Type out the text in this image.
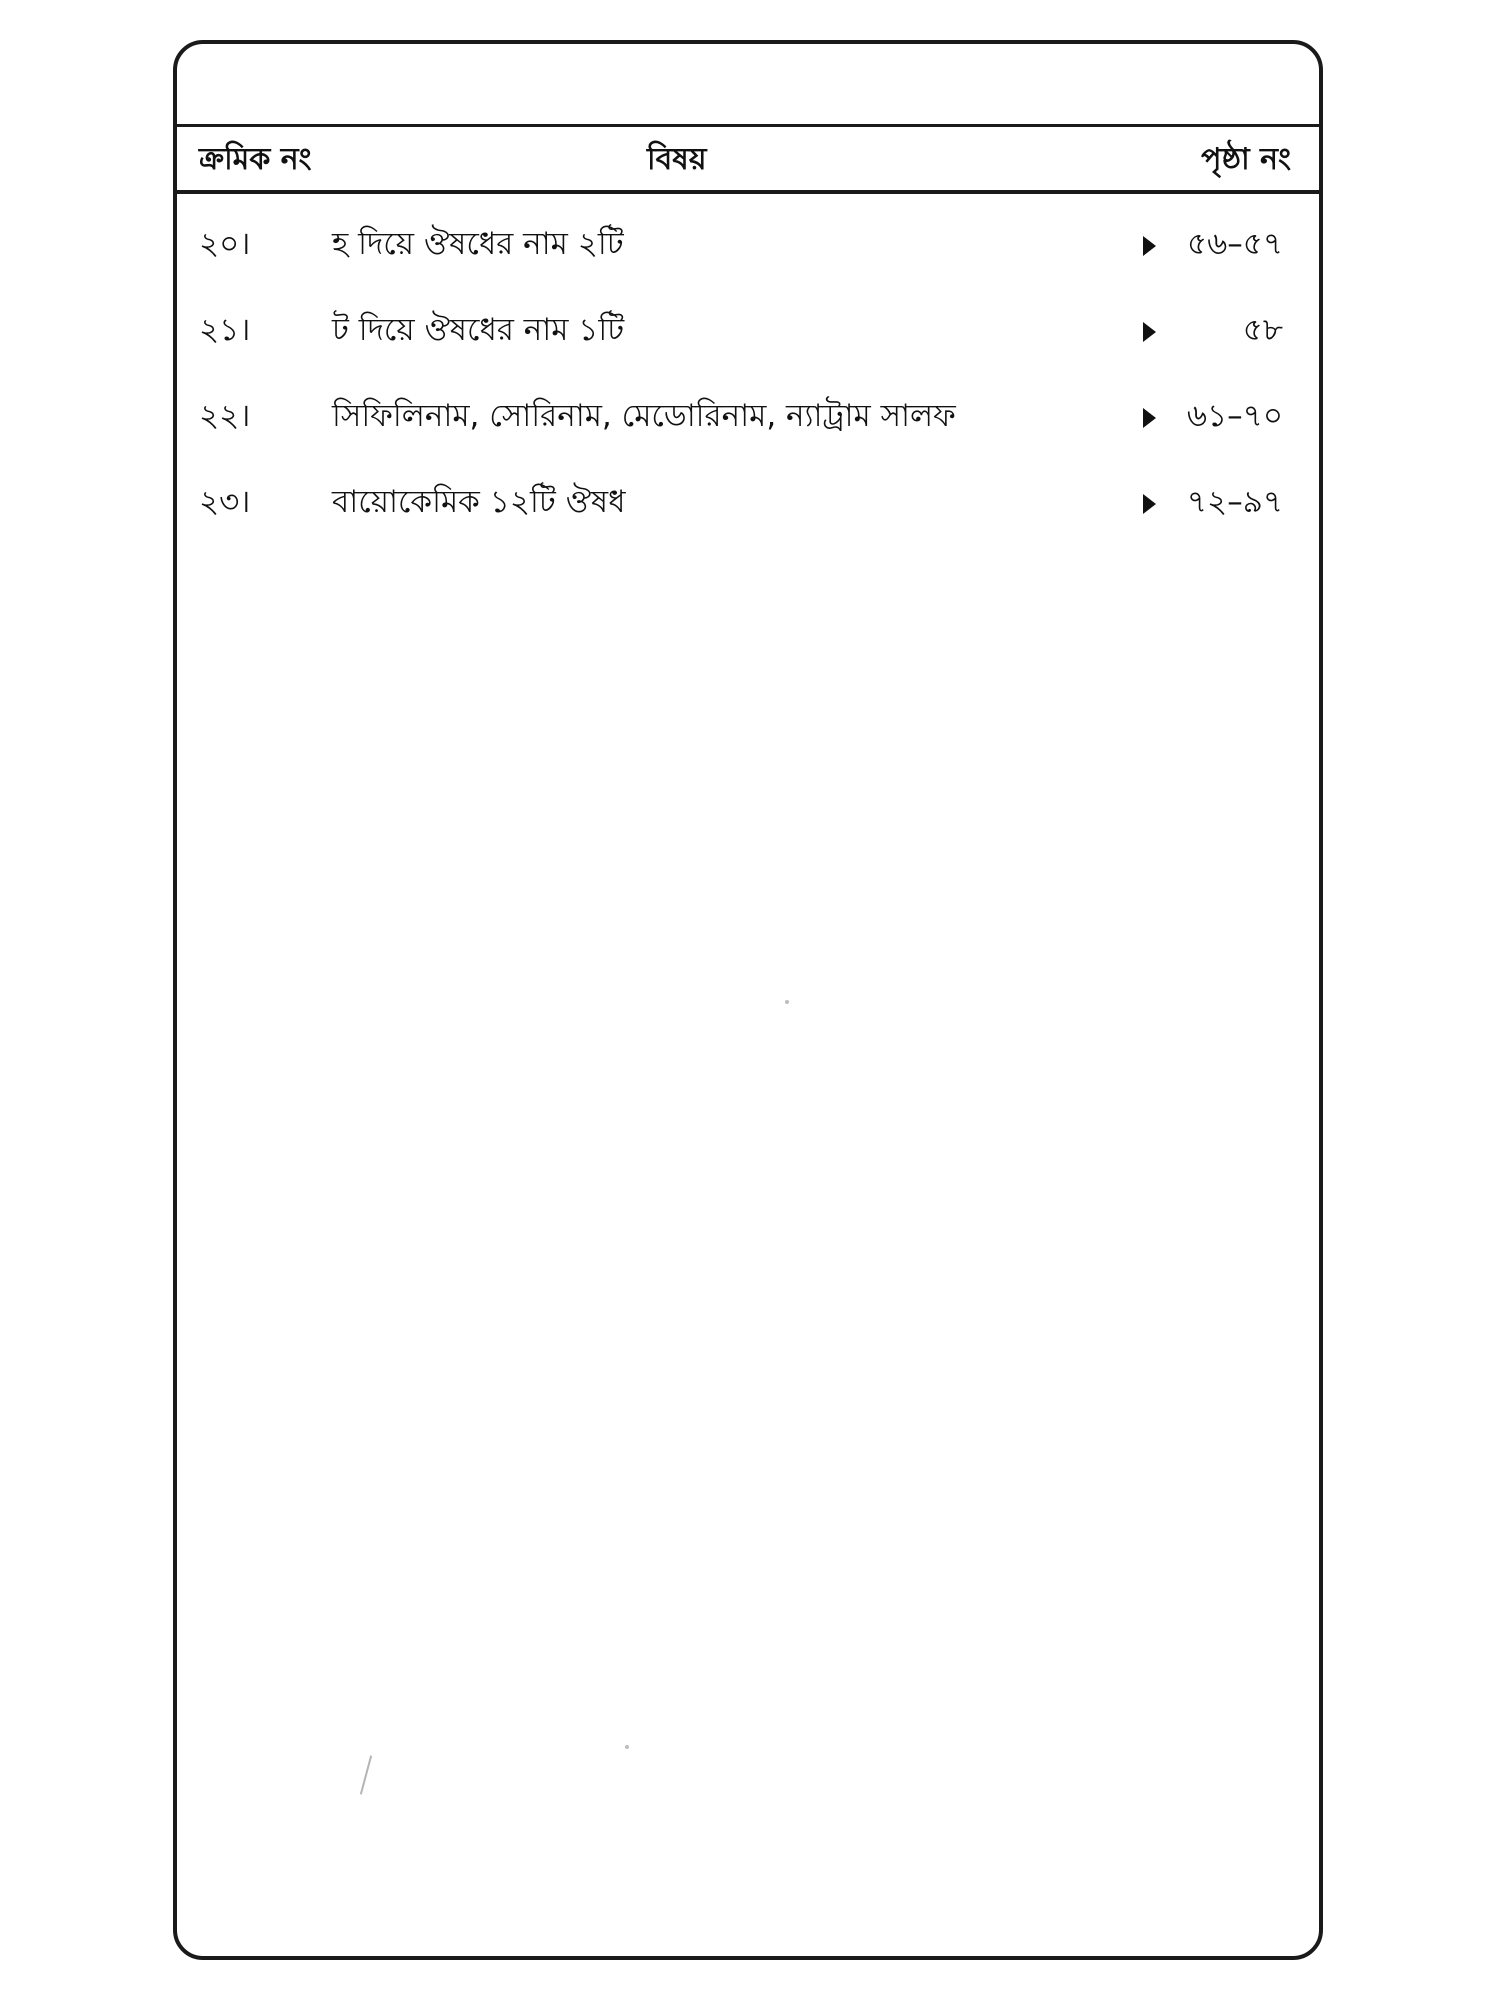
ক্রমিক নং	বিষয়	পৃষ্ঠা নং
২০।	হ দিয়ে ঔষধের নাম ২টি	৫৬–৫৭
২১।	ট দিয়ে ঔষধের নাম ১টি	৫৮
২২।	সিফিলিনাম, সোরিনাম, মেডোরিনাম, ন্যাট্রাম সালফ	৬১–৭০
২৩।	বায়োকেমিক ১২টি ঔষধ	৭২–৯৭
